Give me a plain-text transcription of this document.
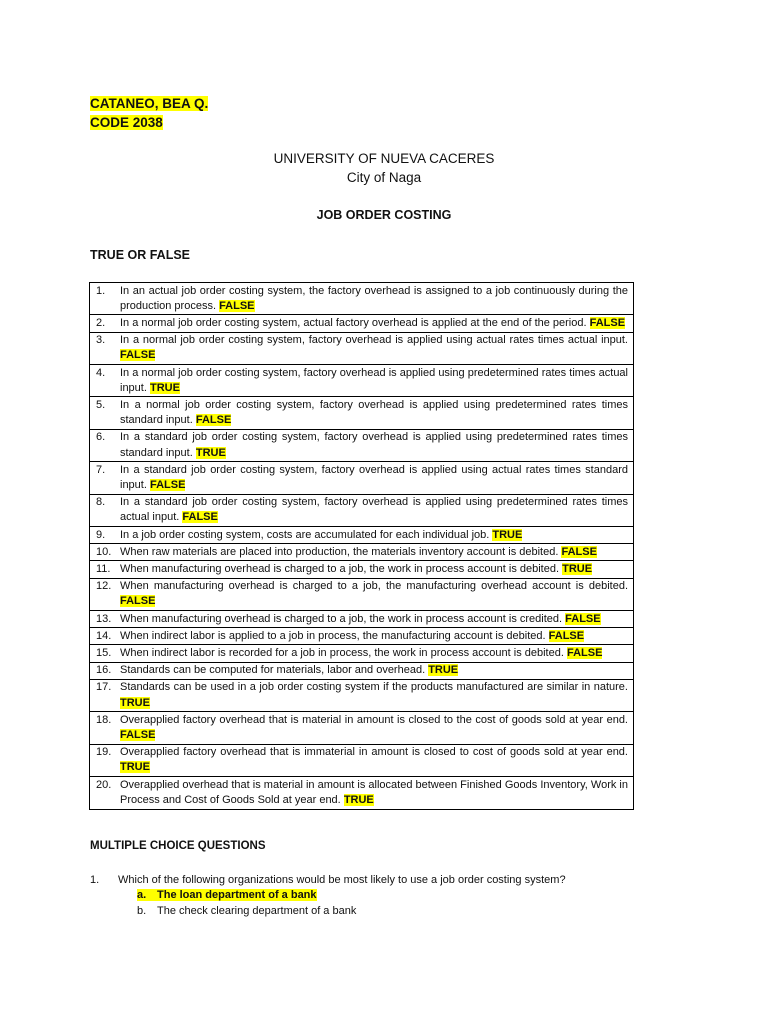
CATANEO, BEA Q.
CODE 2038
UNIVERSITY OF NUEVA CACERES
City of Naga
JOB ORDER COSTING
TRUE OR FALSE
1.	In an actual job order costing system, the factory overhead is assigned to a job continuously during the production process. FALSE
2.	In a normal job order costing system, actual factory overhead is applied at the end of the period. FALSE
3.	In a normal job order costing system, factory overhead is applied using actual rates times actual input. FALSE
4.	In a normal job order costing system, factory overhead is applied using predetermined rates times actual input. TRUE
5.	In a normal job order costing system, factory overhead is applied using predetermined rates times standard input. FALSE
6.	In a standard job order costing system, factory overhead is applied using predetermined rates times standard input. TRUE
7.	In a standard job order costing system, factory overhead is applied using actual rates times standard input. FALSE
8.	In a standard job order costing system, factory overhead is applied using predetermined rates times actual input. FALSE
9.	In a job order costing system, costs are accumulated for each individual job. TRUE
10.	When raw materials are placed into production, the materials inventory account is debited. FALSE
11.	When manufacturing overhead is charged to a job, the work in process account is debited. TRUE
12.	When manufacturing overhead is charged to a job, the manufacturing overhead account is debited. FALSE
13.	When manufacturing overhead is charged to a job, the work in process account is credited. FALSE
14.	When indirect labor is applied to a job in process, the manufacturing account is debited. FALSE
15.	When indirect labor is recorded for a job in process, the work in process account is debited. FALSE
16.	Standards can be computed for materials, labor and overhead. TRUE
17.	Standards can be used in a job order costing system if the products manufactured are similar in nature. TRUE
18.	Overapplied factory overhead that is material in amount is closed to the cost of goods sold at year end. FALSE
19.	Overapplied factory overhead that is immaterial in amount is closed to cost of goods sold at year end. TRUE
20.	Overapplied overhead that is material in amount is allocated between Finished Goods Inventory, Work in Process and Cost of Goods Sold at year end. TRUE
MULTIPLE CHOICE QUESTIONS
1. Which of the following organizations would be most likely to use a job order costing system?
a. The loan department of a bank
b. The check clearing department of a bank
